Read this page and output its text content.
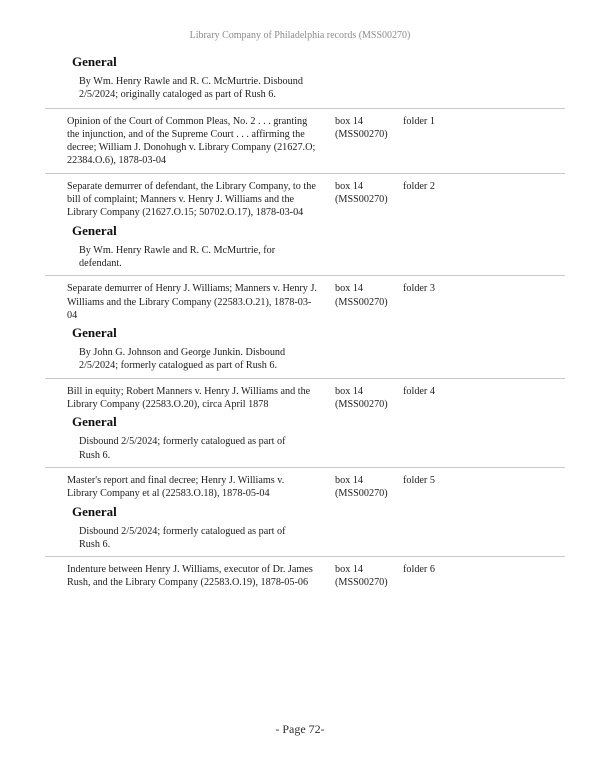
Library Company of Philadelphia records (MSS00270)
General
By Wm. Henry Rawle and R. C. McMurtrie. Disbound 2/5/2024; originally cataloged as part of Rush 6.
Opinion of the Court of Common Pleas, No. 2 . . . granting the injunction, and of the Supreme Court . . . affirming the decree; William J. Donohugh v. Library Company (21627.O; 22384.O.6), 1878-03-04
box 14
(MSS00270)
folder 1
Separate demurrer of defendant, the Library Company, to the bill of complaint; Manners v. Henry J. Williams and the Library Company (21627.O.15; 50702.O.17), 1878-03-04
box 14
(MSS00270)
folder 2
General
By Wm. Henry Rawle and R. C. McMurtrie, for defendant.
Separate demurrer of Henry J. Williams; Manners v. Henry J. Williams and the Library Company (22583.O.21), 1878-03-04
box 14
(MSS00270)
folder 3
General
By John G. Johnson and George Junkin. Disbound 2/5/2024; formerly catalogued as part of Rush 6.
Bill in equity; Robert Manners v. Henry J. Williams and the Library Company (22583.O.20), circa April 1878
box 14
(MSS00270)
folder 4
General
Disbound 2/5/2024; formerly catalogued as part of Rush 6.
Master's report and final decree; Henry J. Williams v. Library Company et al (22583.O.18), 1878-05-04
box 14
(MSS00270)
folder 5
General
Disbound 2/5/2024; formerly catalogued as part of Rush 6.
Indenture between Henry J. Williams, executor of Dr. James Rush, and the Library Company (22583.O.19), 1878-05-06
box 14
(MSS00270)
folder 6
- Page 72-
